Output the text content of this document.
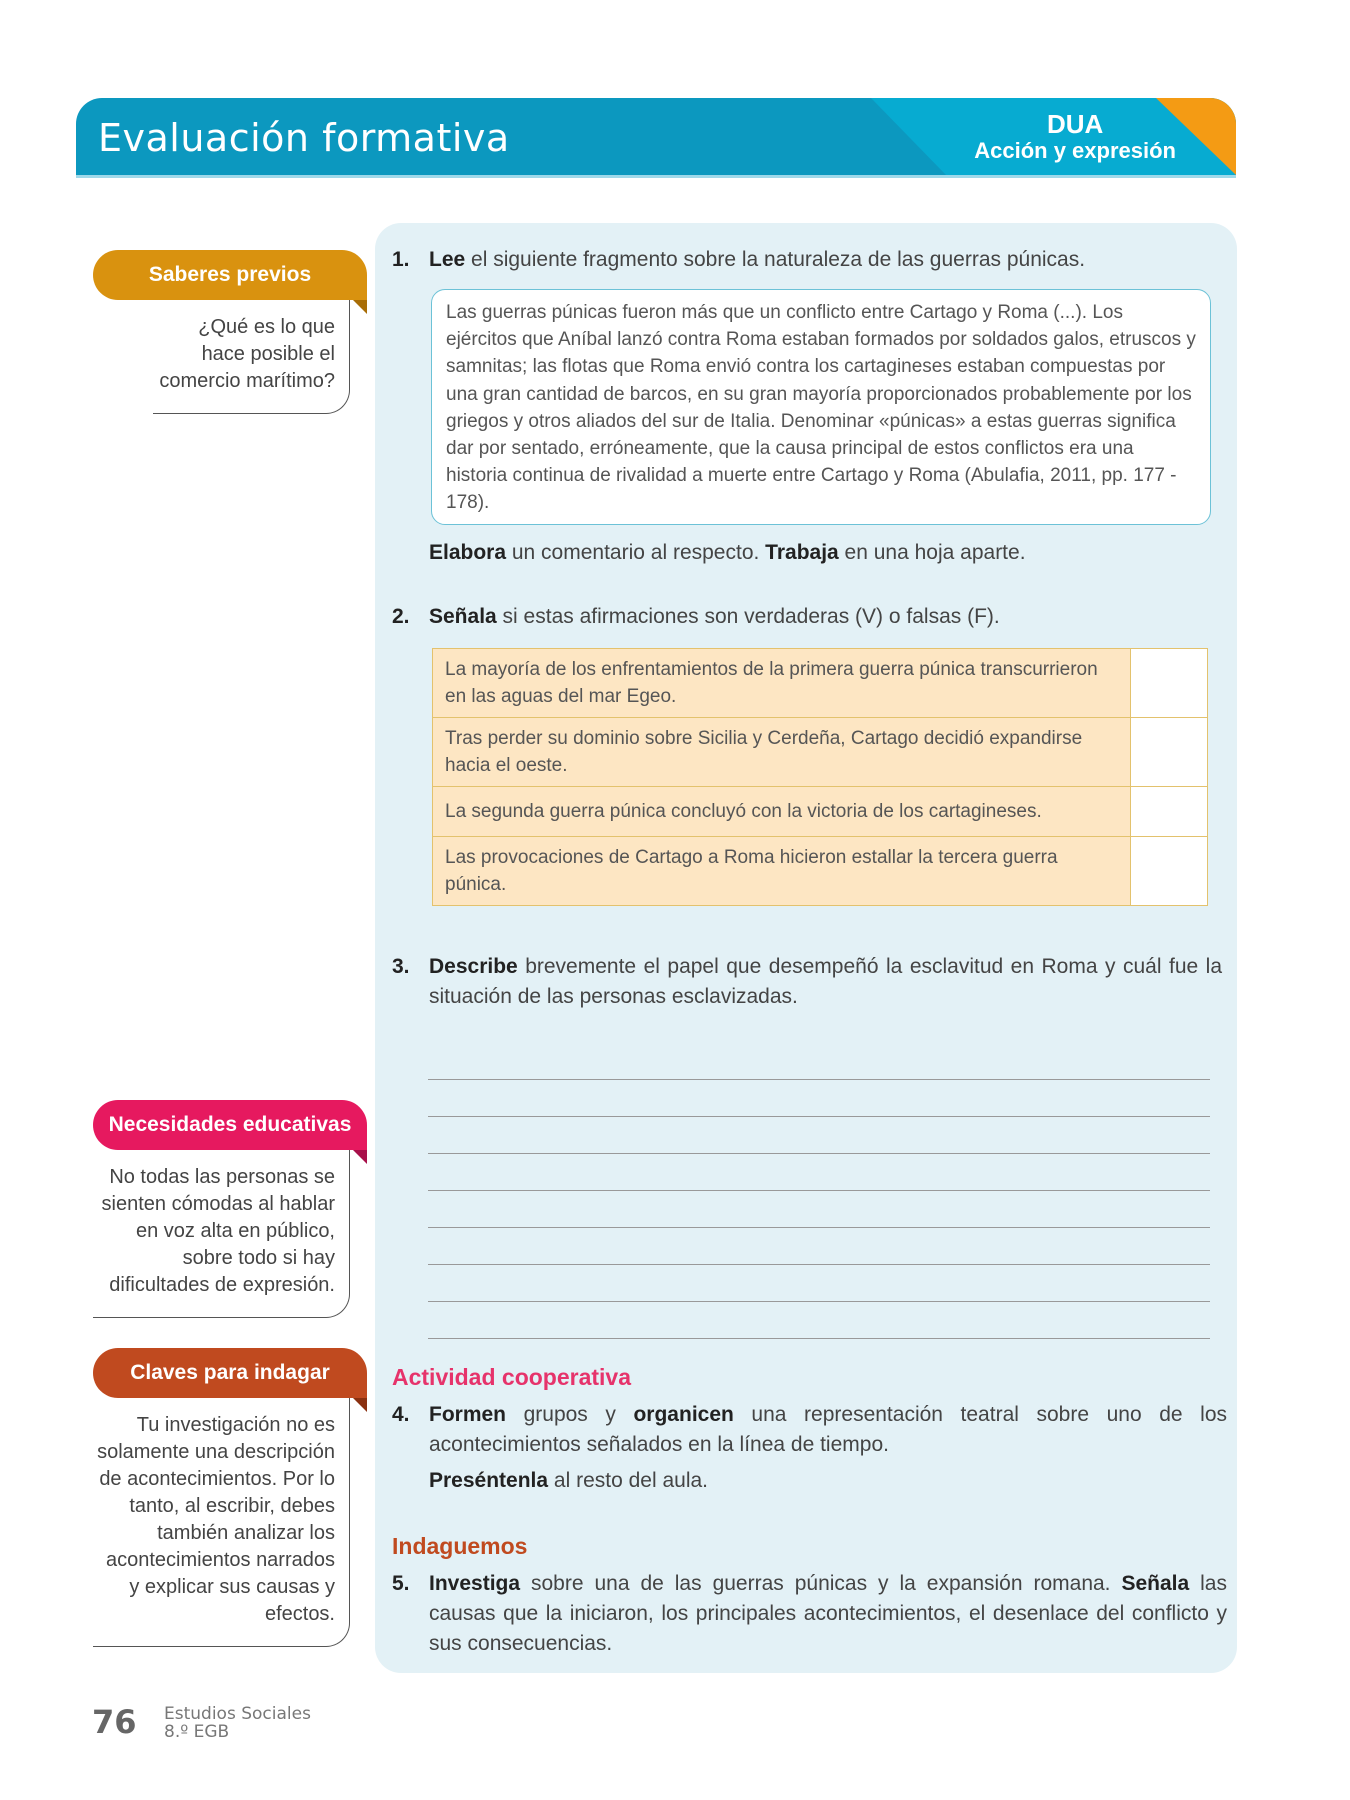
Evaluación formativa	DUA
Acción y expresión
Saberes previos
¿Qué es lo que hace posible el comercio marítimo?
Necesidades educativas
No todas las personas se sienten cómodas al hablar en voz alta en público, sobre todo si hay dificultades de expresión.
Claves para indagar
Tu investigación no es solamente una descripción de acontecimientos. Por lo tanto, al escribir, debes también analizar los acontecimientos narrados y explicar sus causas y efectos.
1. Lee el siguiente fragmento sobre la naturaleza de las guerras púnicas.
Las guerras púnicas fueron más que un conflicto entre Cartago y Roma (...). Los ejércitos que Aníbal lanzó contra Roma estaban formados por soldados galos, etruscos y samnitas; las flotas que Roma envió contra los cartagineses estaban compuestas por una gran cantidad de barcos, en su gran mayoría proporcionados probablemente por los griegos y otros aliados del sur de Italia. Denominar «púnicas» a estas guerras significa dar por sentado, erróneamente, que la causa principal de estos conflictos era una historia continua de rivalidad a muerte entre Cartago y Roma (Abulafia, 2011, pp. 177 - 178).
Elabora un comentario al respecto. Trabaja en una hoja aparte.
2. Señala si estas afirmaciones son verdaderas (V) o falsas (F).
La mayoría de los enfrentamientos de la primera guerra púnica transcurrieron en las aguas del mar Egeo.	
Tras perder su dominio sobre Sicilia y Cerdeña, Cartago decidió expandirse hacia el oeste.	
La segunda guerra púnica concluyó con la victoria de los cartagineses.	
Las provocaciones de Cartago a Roma hicieron estallar la tercera guerra púnica.	
3. Describe brevemente el papel que desempeñó la esclavitud en Roma y cuál fue la situación de las personas esclavizadas.
Actividad cooperativa
4. Formen grupos y organicen una representación teatral sobre uno de los acontecimientos señalados en la línea de tiempo.
Preséntenla al resto del aula.
Indaguemos
5. Investiga sobre una de las guerras púnicas y la expansión romana. Señala las causas que la iniciaron, los principales acontecimientos, el desenlace del conflicto y sus consecuencias.
76 Estudios Sociales
8.º EGB
